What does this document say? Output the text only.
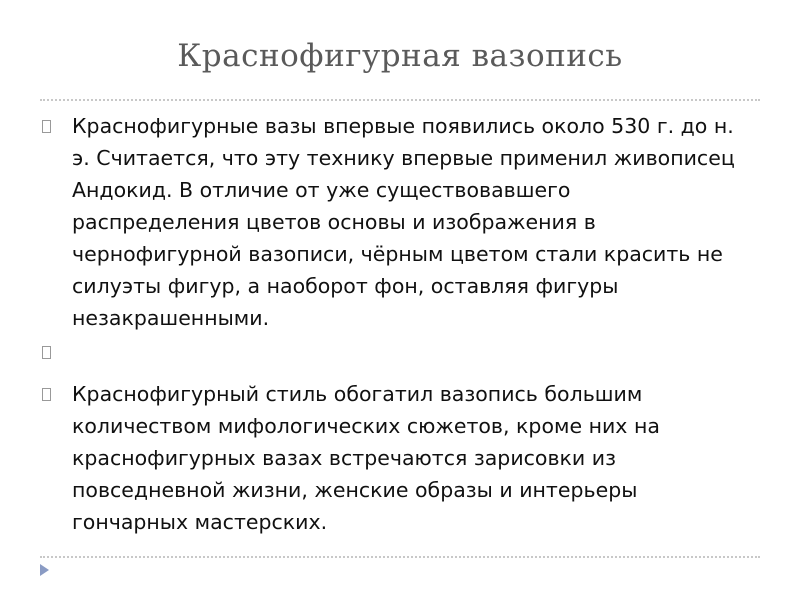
Краснофигурная вазопись
Краснофигурные вазы впервые появились около 530 г. до н. э. Считается, что эту технику впервые применил живописец Андокид. В отличие от уже существовавшего распределения цветов основы и изображения в чернофигурной вазописи, чёрным цветом стали красить не силуэты фигур, а наоборот фон, оставляя фигуры незакрашенными.
Краснофигурный стиль обогатил вазопись большим количеством мифологических сюжетов, кроме них на краснофигурных вазах встречаются зарисовки из повседневной жизни, женские образы и интерьеры гончарных мастерских.
